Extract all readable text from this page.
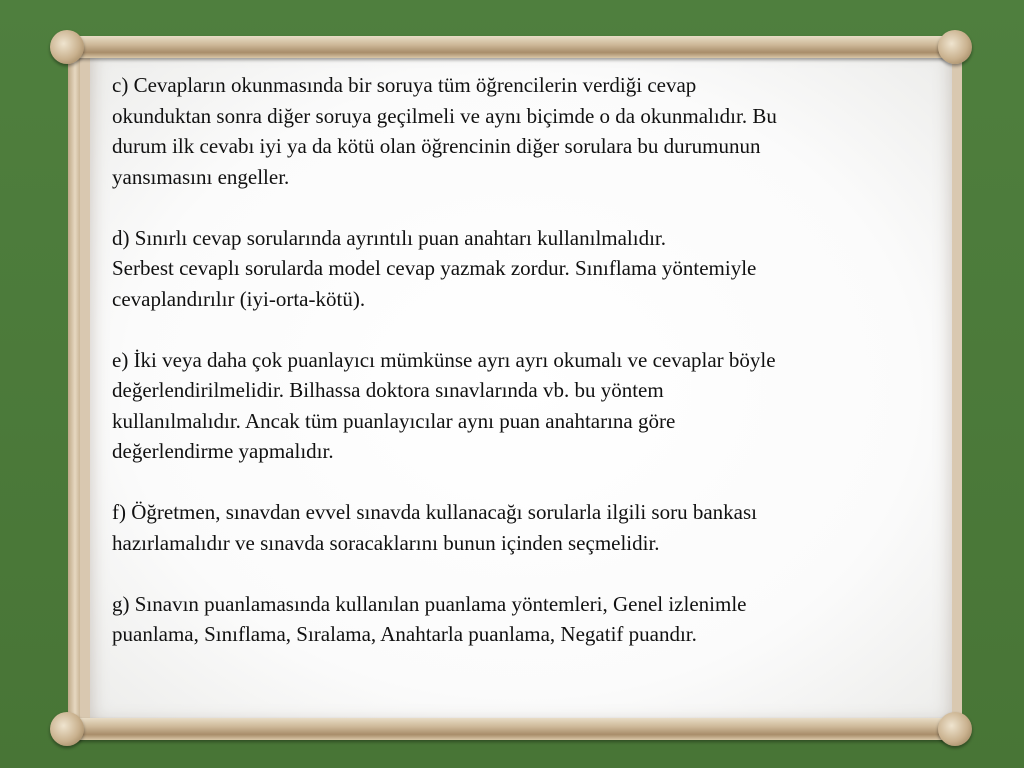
c) Cevapların okunmasında bir soruya tüm öğrencilerin verdiği cevap
okunduktan sonra diğer soruya geçilmeli ve aynı biçimde o da okunmalıdır. Bu
durum ilk cevabı iyi ya da kötü olan öğrencinin diğer sorulara bu durumunun
yansımasını engeller.
d) Sınırlı cevap sorularında ayrıntılı puan anahtarı kullanılmalıdır.
Serbest cevaplı sorularda model cevap yazmak zordur. Sınıflama yöntemiyle
cevaplandırılır (iyi-orta-kötü).
e) İki veya daha çok puanlayıcı mümkünse ayrı ayrı okumalı ve cevaplar böyle
değerlendirilmelidir. Bilhassa doktora sınavlarında vb. bu yöntem
kullanılmalıdır. Ancak tüm puanlayıcılar aynı puan anahtarına göre
değerlendirme yapmalıdır.
f) Öğretmen, sınavdan evvel sınavda kullanacağı sorularla ilgili soru bankası
hazırlamalıdır ve sınavda soracaklarını bunun içinden seçmelidir.
g) Sınavın puanlamasında kullanılan puanlama yöntemleri, Genel izlenimle
puanlama, Sınıflama, Sıralama, Anahtarla puanlama, Negatif puandır.
